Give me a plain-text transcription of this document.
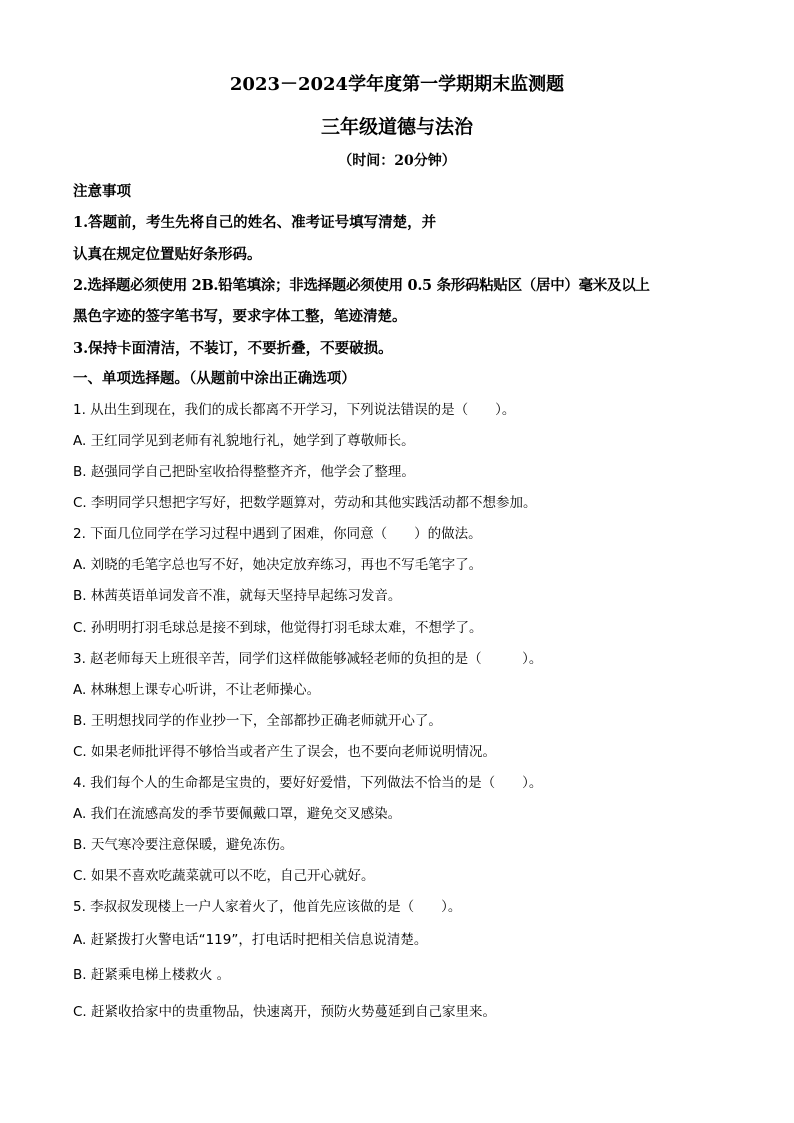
2023－2024学年度第一学期期末监测题
三年级道德与法治
（时间：20分钟）
注意事项
1.答题前，考生先将自己的姓名、准考证号填写清楚，并
认真在规定位置贴好条形码。
2.选择题必须使用 2B.铅笔填涂；非选择题必须使用 0.5 条形码粘贴区（居中）毫米及以上
黑色字迹的签字笔书写，要求字体工整，笔迹清楚。
3.保持卡面清洁，不装订，不要折叠，不要破损。
一、单项选择题。（从题前中涂出正确选项）
1. 从出生到现在，我们的成长都离不开学习，下列说法错误的是（　　）。
A. 王红同学见到老师有礼貌地行礼，她学到了尊敬师长。
B. 赵强同学自己把卧室收拾得整整齐齐，他学会了整理。
C. 李明同学只想把字写好，把数学题算对，劳动和其他实践活动都不想参加。
2. 下面几位同学在学习过程中遇到了困难，你同意（　　）的做法。
A. 刘晓的毛笔字总也写不好，她决定放弃练习，再也不写毛笔字了。
B. 林茜英语单词发音不准，就每天坚持早起练习发音。
C. 孙明明打羽毛球总是接不到球，他觉得打羽毛球太难，不想学了。
3. 赵老师每天上班很辛苦，同学们这样做能够减轻老师的负担的是（　　　）。
A. 林琳想上课专心听讲，不让老师操心。
B. 王明想找同学的作业抄一下，全部都抄正确老师就开心了。
C. 如果老师批评得不够恰当或者产生了误会，也不要向老师说明情况。
4. 我们每个人的生命都是宝贵的，要好好爱惜，下列做法不恰当的是（　　）。
A. 我们在流感高发的季节要佩戴口罩，避免交叉感染。
B. 天气寒冷要注意保暖，避免冻伤。
C. 如果不喜欢吃蔬菜就可以不吃，自己开心就好。
5. 李叔叔发现楼上一户人家着火了，他首先应该做的是（　　）。
A. 赶紧拨打火警电话“119”，打电话时把相关信息说清楚。
B. 赶紧乘电梯上楼救火 。
C. 赶紧收拾家中的贵重物品，快速离开，预防火势蔓延到自己家里来。
